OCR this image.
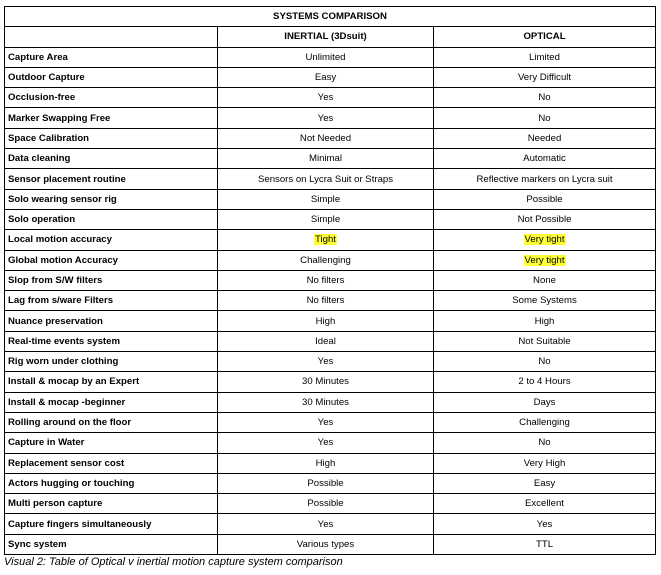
SYSTEMS COMPARISON		
	INERTIAL (3Dsuit)	OPTICAL
Capture Area	Unlimited	Limited
Outdoor Capture	Easy	Very Difficult
Occlusion-free	Yes	No
Marker Swapping Free	Yes	No
Space Calibration	Not Needed	Needed
Data cleaning	Minimal	Automatic
Sensor placement routine	Sensors on Lycra Suit or Straps	Reflective markers on Lycra suit
Solo wearing sensor rig	Simple	Possible
Solo operation	Simple	Not Possible
Local motion accuracy	Tight	Very tight
Global motion Accuracy	Challenging	Very tight
Slop from S/W filters	No filters	None
Lag from s/ware Filters	No filters	Some Systems
Nuance preservation	High	High
Real-time events system	Ideal	Not Suitable
Rig worn under clothing	Yes	No
Install & mocap by an Expert	30 Minutes	2 to 4 Hours
Install & mocap -beginner	30 Minutes	Days
Rolling around on the floor	Yes	Challenging
Capture in Water	Yes	No
Replacement sensor cost	High	Very High
Actors hugging or touching	Possible	Easy
Multi person capture	Possible	Excellent
Capture fingers simultaneously	Yes	Yes
Sync system	Various types	TTL
Visual 2: Table of Optical v inertial motion capture system comparison
